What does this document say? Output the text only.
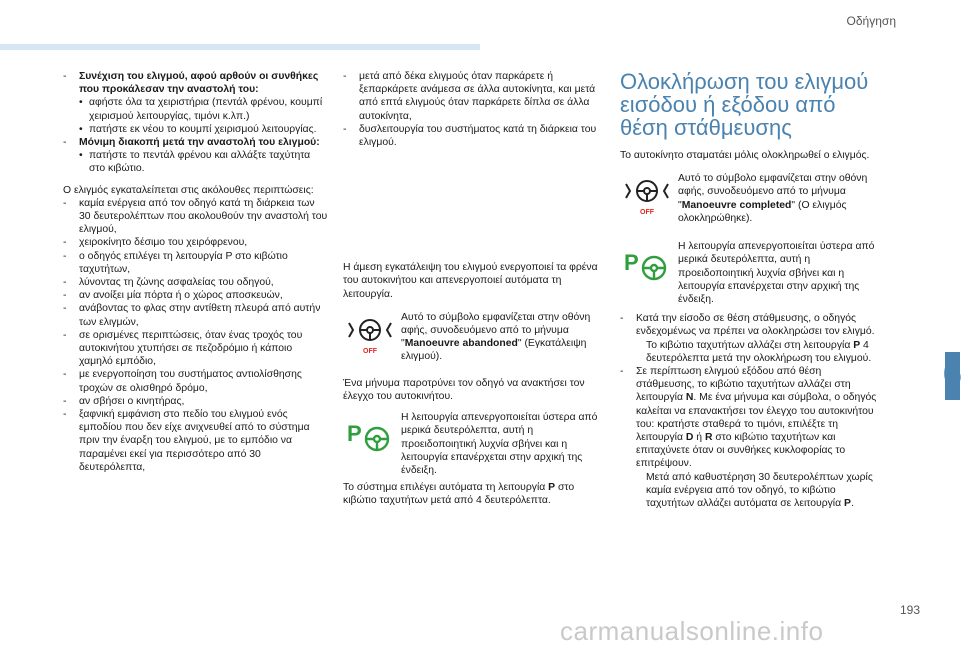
Οδήγηση
- Συνέχιση του ελιγμού, αφού αρθούν οι συνθήκες που προκάλεσαν την αναστολή του:
• αφήστε όλα τα χειριστήρια (πεντάλ φρένου, κουμπί χειρισμού λειτουργίας, τιμόνι κ.λπ.)
• πατήστε εκ νέου το κουμπί χειρισμού λειτουργίας.
- Μόνιμη διακοπή μετά την αναστολή του ελιγμού:
• πατήστε το πεντάλ φρένου και αλλάξτε ταχύτητα στο κιβώτιο.
Ο ελιγμός εγκαταλείπεται στις ακόλουθες περιπτώσεις:
- καμία ενέργεια από τον οδηγό κατά τη διάρκεια των 30 δευτερολέπτων που ακολουθούν την αναστολή του ελιγμού,
- χειροκίνητο δέσιμο του χειρόφρενου,
- ο οδηγός επιλέγει τη λειτουργία P στο κιβώτιο ταχυτήτων,
- λύνοντας τη ζώνης ασφαλείας του οδηγού,
- αν ανοίξει μία πόρτα ή ο χώρος αποσκευών,
- ανάβοντας το φλας στην αντίθετη πλευρά από αυτήν των ελιγμών,
- σε ορισμένες περιπτώσεις, όταν ένας τροχός του αυτοκινήτου χτυπήσει σε πεζοδρόμιο ή κάποιο χαμηλό εμπόδιο,
- με ενεργοποίηση του συστήματος αντιολίσθησης τροχών σε ολισθηρό δρόμο,
- αν σβήσει ο κινητήρας,
- ξαφνική εμφάνιση στο πεδίο του ελιγμού ενός εμποδίου που δεν είχε ανιχνευθεί από το σύστημα πριν την έναρξη του ελιγμού, με το εμπόδιο να παραμένει εκεί για περισσότερο από 30 δευτερόλεπτα,
- μετά από δέκα ελιγμούς όταν παρκάρετε ή ξεπαρκάρετε ανάμεσα σε άλλα αυτοκίνητα, και μετά από επτά ελιγμούς όταν παρκάρετε δίπλα σε άλλα αυτοκίνητα,
- δυσλειτουργία του συστήματος κατά τη διάρκεια του ελιγμού.
Η άμεση εγκατάλειψη του ελιγμού ενεργοποιεί τα φρένα του αυτοκινήτου και απενεργοποιεί αυτόματα τη λειτουργία.
OFF
Αυτό το σύμβολο εμφανίζεται στην οθόνη αφής, συνοδευόμενο από το μήνυμα "Manoeuvre abandoned" (Εγκατάλειψη ελιγμού).
Ένα μήνυμα παροτρύνει τον οδηγό να ανακτήσει τον έλεγχο του αυτοκινήτου.
P
Η λειτουργία απενεργοποιείται ύστερα από μερικά δευτερόλεπτα, αυτή η προειδοποιητική λυχνία σβήνει και η λειτουργία επανέρχεται στην αρχική της ένδειξη.
Το σύστημα επιλέγει αυτόματα τη λειτουργία P στο κιβώτιο ταχυτήτων μετά από 4 δευτερόλεπτα.
Ολοκλήρωση του ελιγμού εισόδου ή εξόδου από θέση στάθμευσης
Το αυτοκίνητο σταματάει μόλις ολοκληρωθεί ο ελιγμός.
OFF
Αυτό το σύμβολο εμφανίζεται στην οθόνη αφής, συνοδευόμενο από το μήνυμα "Manoeuvre completed" (Ο ελιγμός ολοκληρώθηκε).
P
Η λειτουργία απενεργοποιείται ύστερα από μερικά δευτερόλεπτα, αυτή η προειδοποιητική λυχνία σβήνει και η λειτουργία επανέρχεται στην αρχική της ένδειξη.
- Κατά την είσοδο σε θέση στάθμευσης, ο οδηγός ενδεχομένως να πρέπει να ολοκληρώσει τον ελιγμό.
Το κιβώτιο ταχυτήτων αλλάζει στη λειτουργία P 4 δευτερόλεπτα μετά την ολοκλήρωση του ελιγμού.
- Σε περίπτωση ελιγμού εξόδου από θέση στάθμευσης, το κιβώτιο ταχυτήτων αλλάζει στη λειτουργία N. Με ένα μήνυμα και σύμβολα, ο οδηγός καλείται να επανακτήσει τον έλεγχο του αυτοκινήτου του: κρατήστε σταθερά το τιμόνι, επιλέξτε τη λειτουργία D ή R στο κιβώτιο ταχυτήτων και επιταχύνετε όταν οι συνθήκες κυκλοφορίας το επιτρέψουν.
Μετά από καθυστέρηση 30 δευτερολέπτων χωρίς καμία ενέργεια από τον οδηγό, το κιβώτιο ταχυτήτων αλλάζει αυτόματα σε λειτουργία P.
6
193
carmanualsonline.info
